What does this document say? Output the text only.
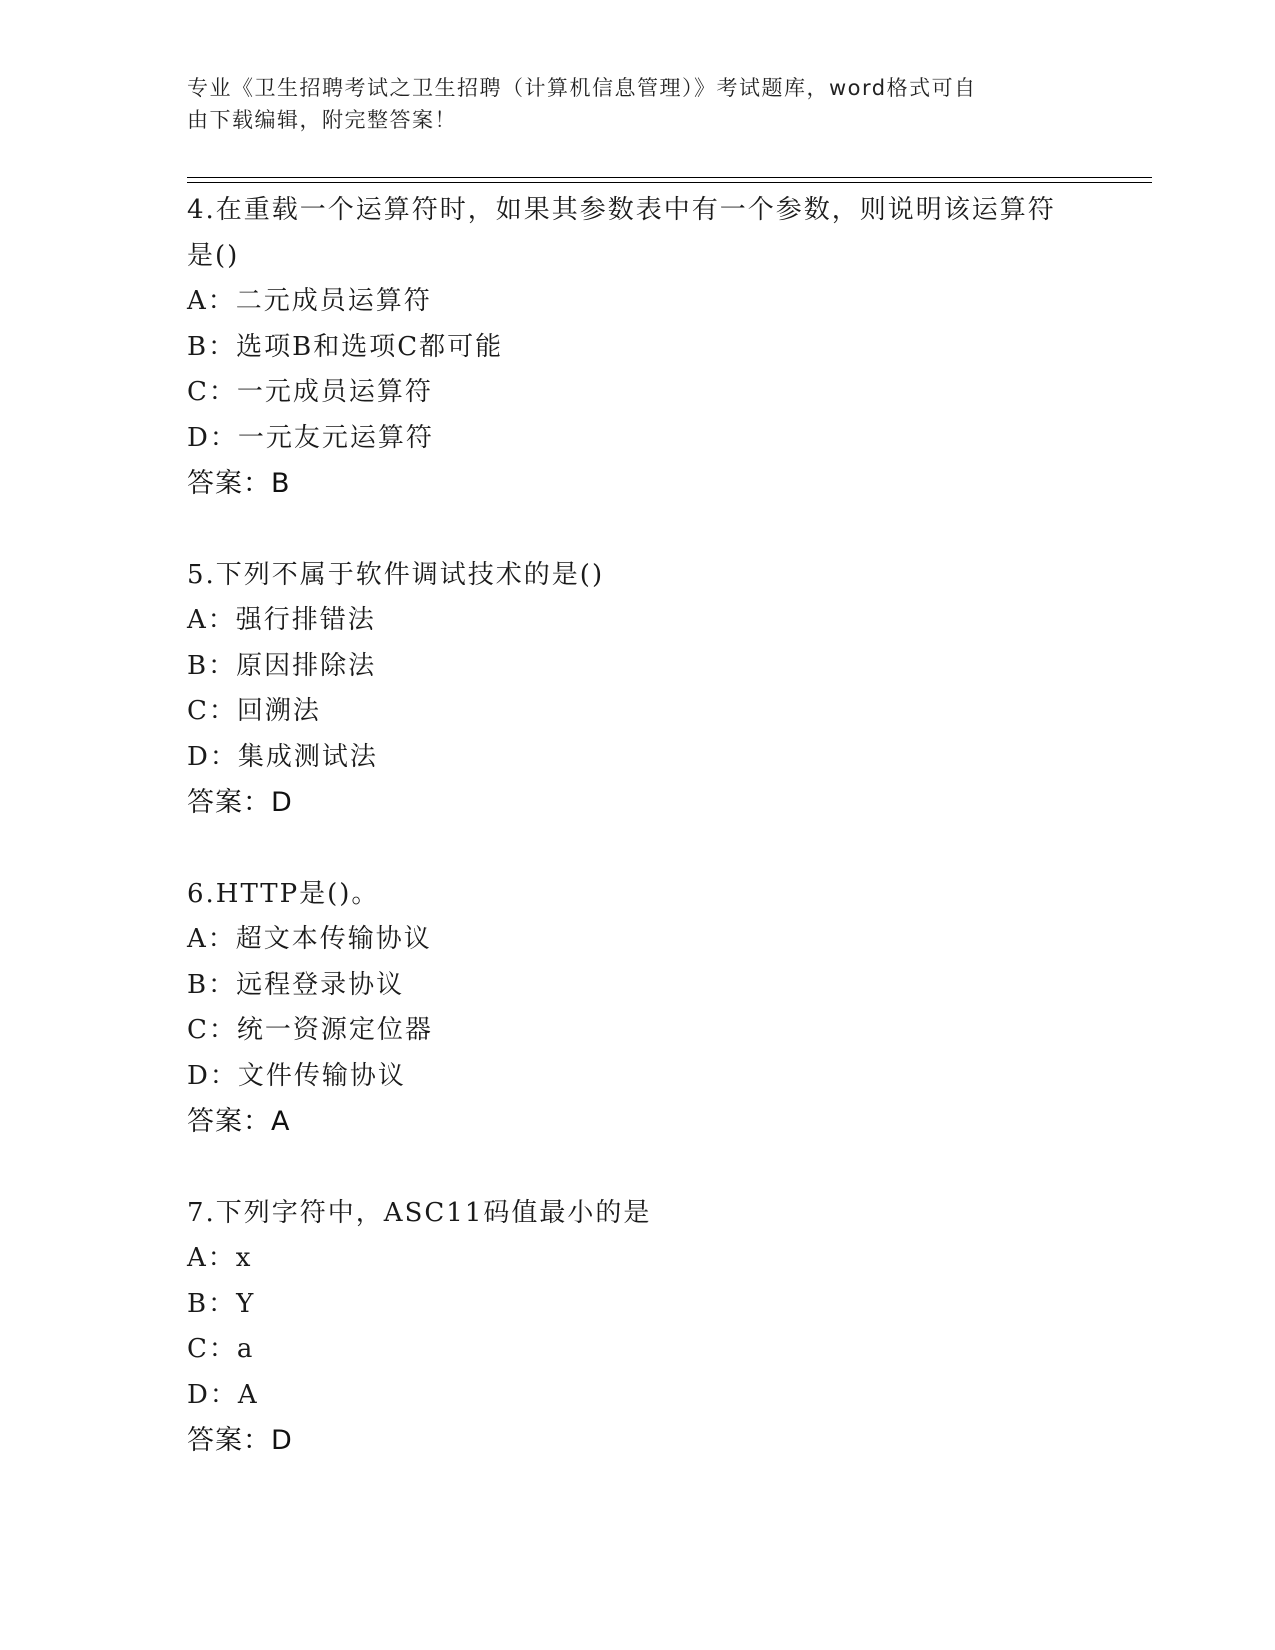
专业《卫生招聘考试之卫生招聘（计算机信息管理）》考试题库，word格式可自
由下载编辑，附完整答案！
4.在重载一个运算符时，如果其参数表中有一个参数，则说明该运算符是()
A：二元成员运算符
B：选项B和选项C都可能
C：一元成员运算符
D：一元友元运算符
答案：B
5.下列不属于软件调试技术的是()
A：强行排错法
B：原因排除法
C：回溯法
D：集成测试法
答案：D
6.HTTP是()。
A：超文本传输协议
B：远程登录协议
C：统一资源定位器
D：文件传输协议
答案：A
7.下列字符中，ASC11码值最小的是
A：x
B：Y
C：a
D：A
答案：D
